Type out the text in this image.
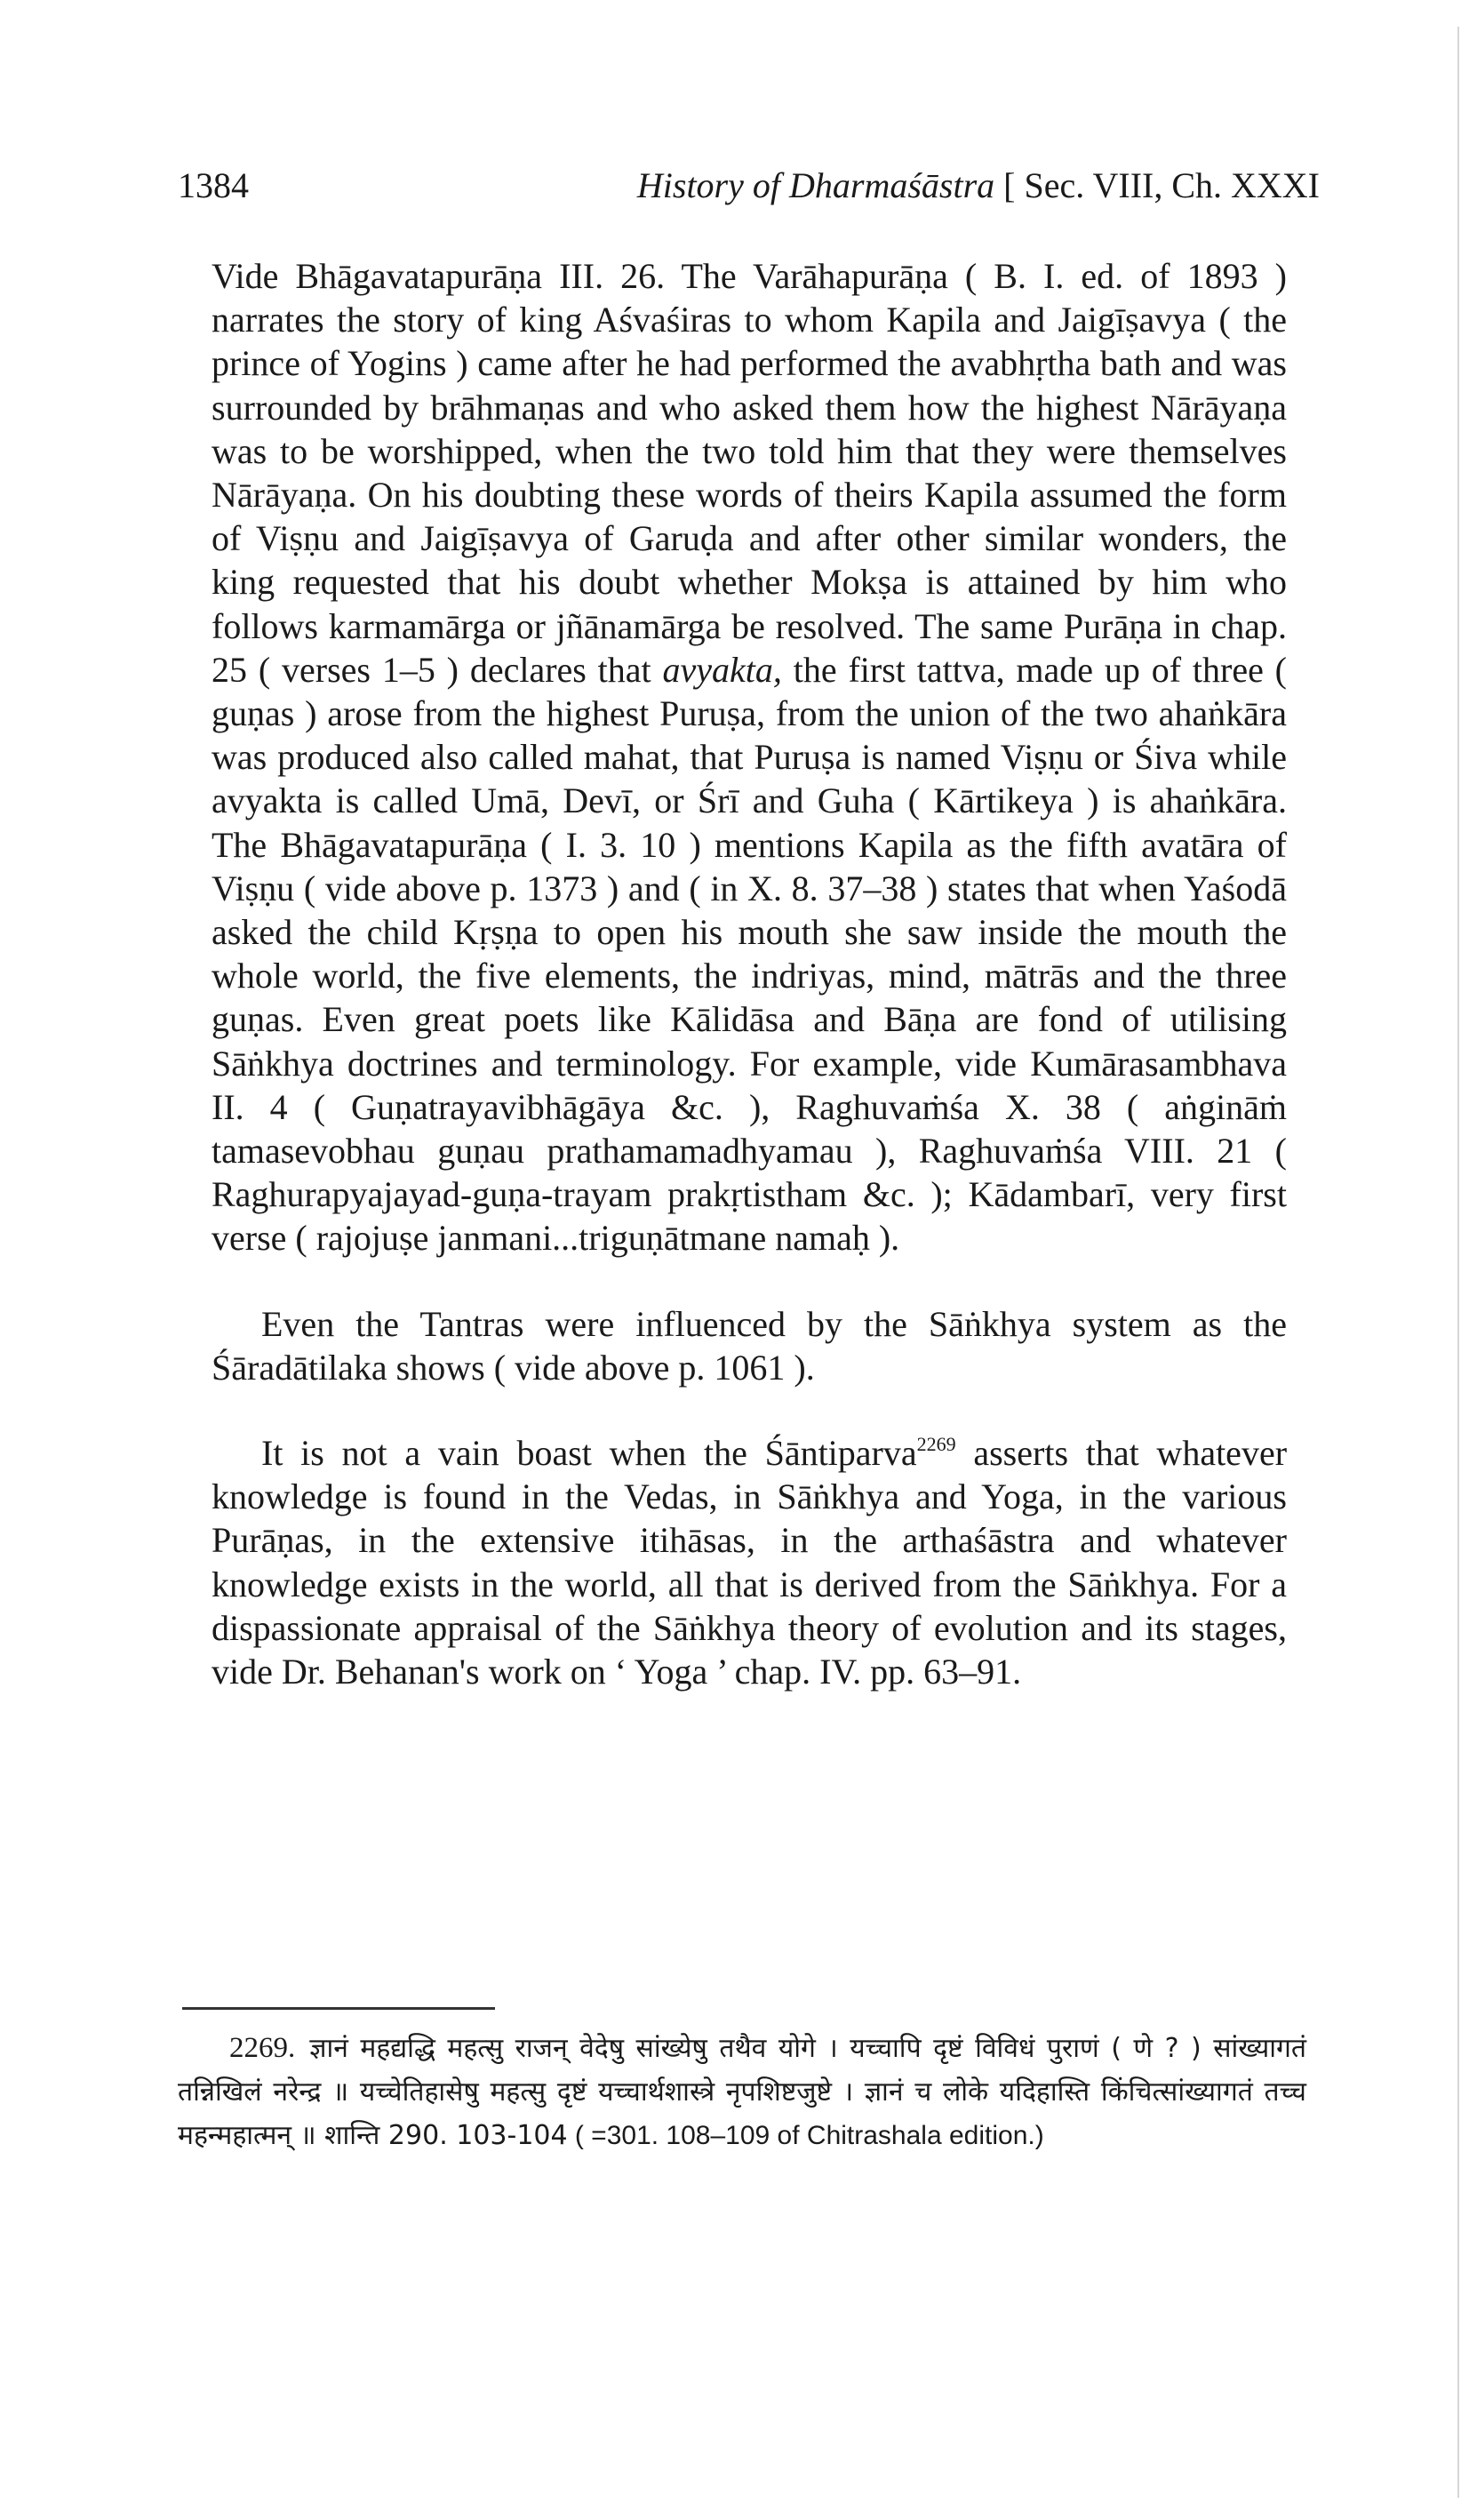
1384	History of Dharmaśāstra [ Sec. VIII, Ch. XXXI

Vide Bhāgavatapurāṇa III. 26. The Varāhapurāṇa ( B. I. ed. of 1893 ) narrates the story of king Aśvaśiras to whom Kapila and Jaigīṣavya ( the prince of Yogins ) came after he had performed the avabhṛtha bath and was surrounded by brāhmaṇas and who asked them how the highest Nārāyaṇa was to be worshipped, when the two told him that they were themselves Nārāyaṇa. On his doubting these words of theirs Kapila assumed the form of Viṣṇu and Jaigīṣavya of Garuḍa and after other similar wonders, the king requested that his doubt whether Mokṣa is attained by him who follows karmamārga or jñānamārga be resolved. The same Purāṇa in chap. 25 ( verses 1–5 ) declares that avyakta, the first tattva, made up of three ( guṇas ) arose from the highest Puruṣa, from the union of the two ahaṅkāra was produced also called mahat, that Puruṣa is named Viṣṇu or Śiva while avyakta is called Umā, Devī, or Śrī and Guha ( Kārtikeya ) is ahaṅkāra. The Bhāgavatapurāṇa ( I. 3. 10 ) mentions Kapila as the fifth avatāra of Viṣṇu ( vide above p. 1373 ) and ( in X. 8. 37–38 ) states that when Yaśodā asked the child Kṛṣṇa to open his mouth she saw inside the mouth the whole world, the five elements, the indriyas, mind, mātrās and the three guṇas. Even great poets like Kālidāsa and Bāṇa are fond of utilising Sāṅkhya doctrines and terminology. For example, vide Kumārasambhava II. 4 ( Guṇatrayavibhāgāya &c. ), Raghuvaṁśa X. 38 ( aṅgināṁ tamasevobhau guṇau prathamamadhyamau ), Raghuvaṁśa VIII. 21 ( Raghurapyajayad-guṇa-trayam prakṛtistham &c. ); Kādambarī, very first verse ( rajojuṣe janmani...triguṇātmane namaḥ ).

Even the Tantras were influenced by the Sāṅkhya system as the Śāradātilaka shows ( vide above p. 1061 ).

It is not a vain boast when the Śāntiparva$^{2269}$ asserts that whatever knowledge is found in the Vedas, in Sāṅkhya and Yoga, in the various Purāṇas, in the extensive itihāsas, in the arthaśāstra and whatever knowledge exists in the world, all that is derived from the Sāṅkhya. For a dispassionate appraisal of the Sāṅkhya theory of evolution and its stages, vide Dr. Behanan's work on ‘ Yoga ’ chap. IV. pp. 63–91.

2269. ज्ञानं महद्यद्धि महत्सु राजन् वेदेषु सांख्येषु तथैव योगे । यच्चापि दृष्टं विविधं पुराणं ( णे ? ) सांख्यागतं तन्निखिलं नरेन्द्र ॥ यच्चेतिहासेषु महत्सु दृष्टं यच्चार्थशास्त्रे नृपशिष्टजुष्टे । ज्ञानं च लोके यदिहास्ति किंचित्सांख्यागतं तच्च महन्महात्मन् ॥ शान्ति 290. 103-104 ( =301. 108–109 of Chitrashala edition.)
